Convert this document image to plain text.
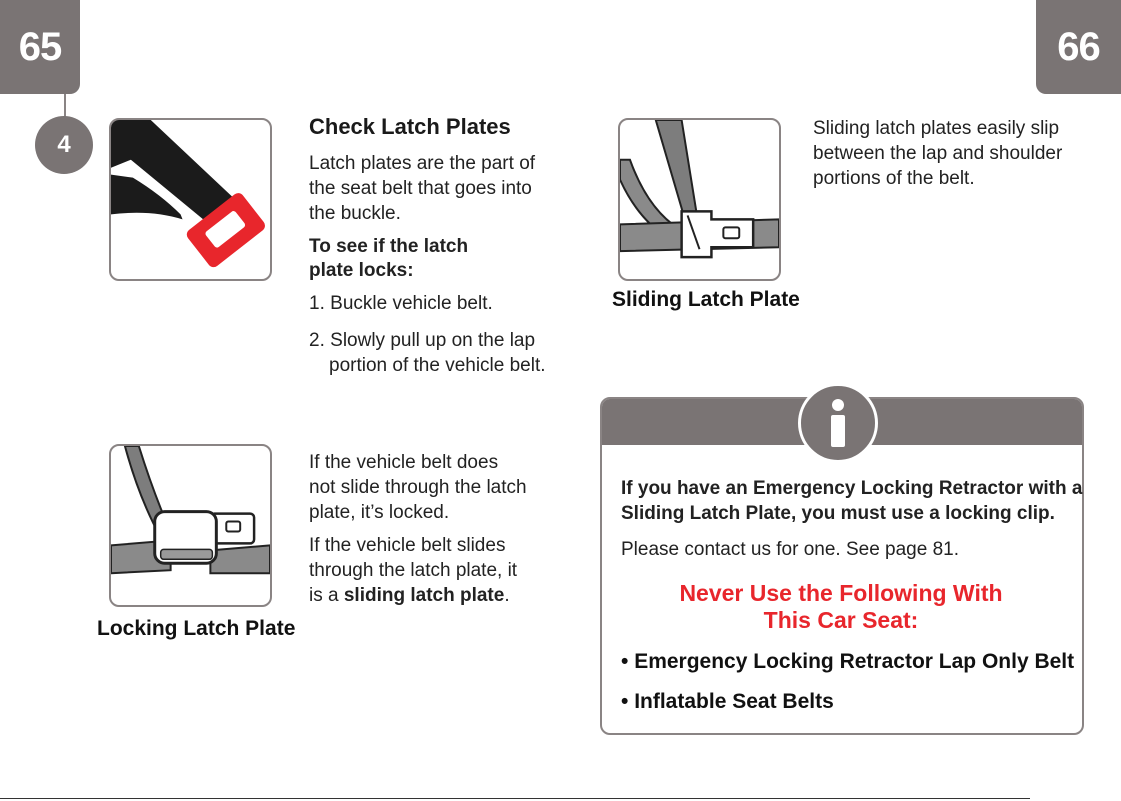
65	66
4
Check Latch Plates

Latch plates are the part of

the seat belt that goes into

the buckle.

To see if the latch

plate locks:

1. Buckle vehicle belt.
2. Slowly pull up on the lap
portion of the vehicle belt.

If the vehicle belt does

not slide through the latch

plate, it’s locked.

If the vehicle belt slides

through the latch plate, it

is a sliding latch plate.

Locking Latch Plate
Sliding Latch Plate

Sliding latch plates easily slip

between the lap and shoulder

portions of the belt.

If you have an Emergency Locking Retractor with a

Sliding Latch Plate, you must use a locking clip.

Please contact us for one. See page 81.

Never Use the Following With

This Car Seat:

• Emergency Locking Retractor Lap Only Belt
• Inflatable Seat Belts
